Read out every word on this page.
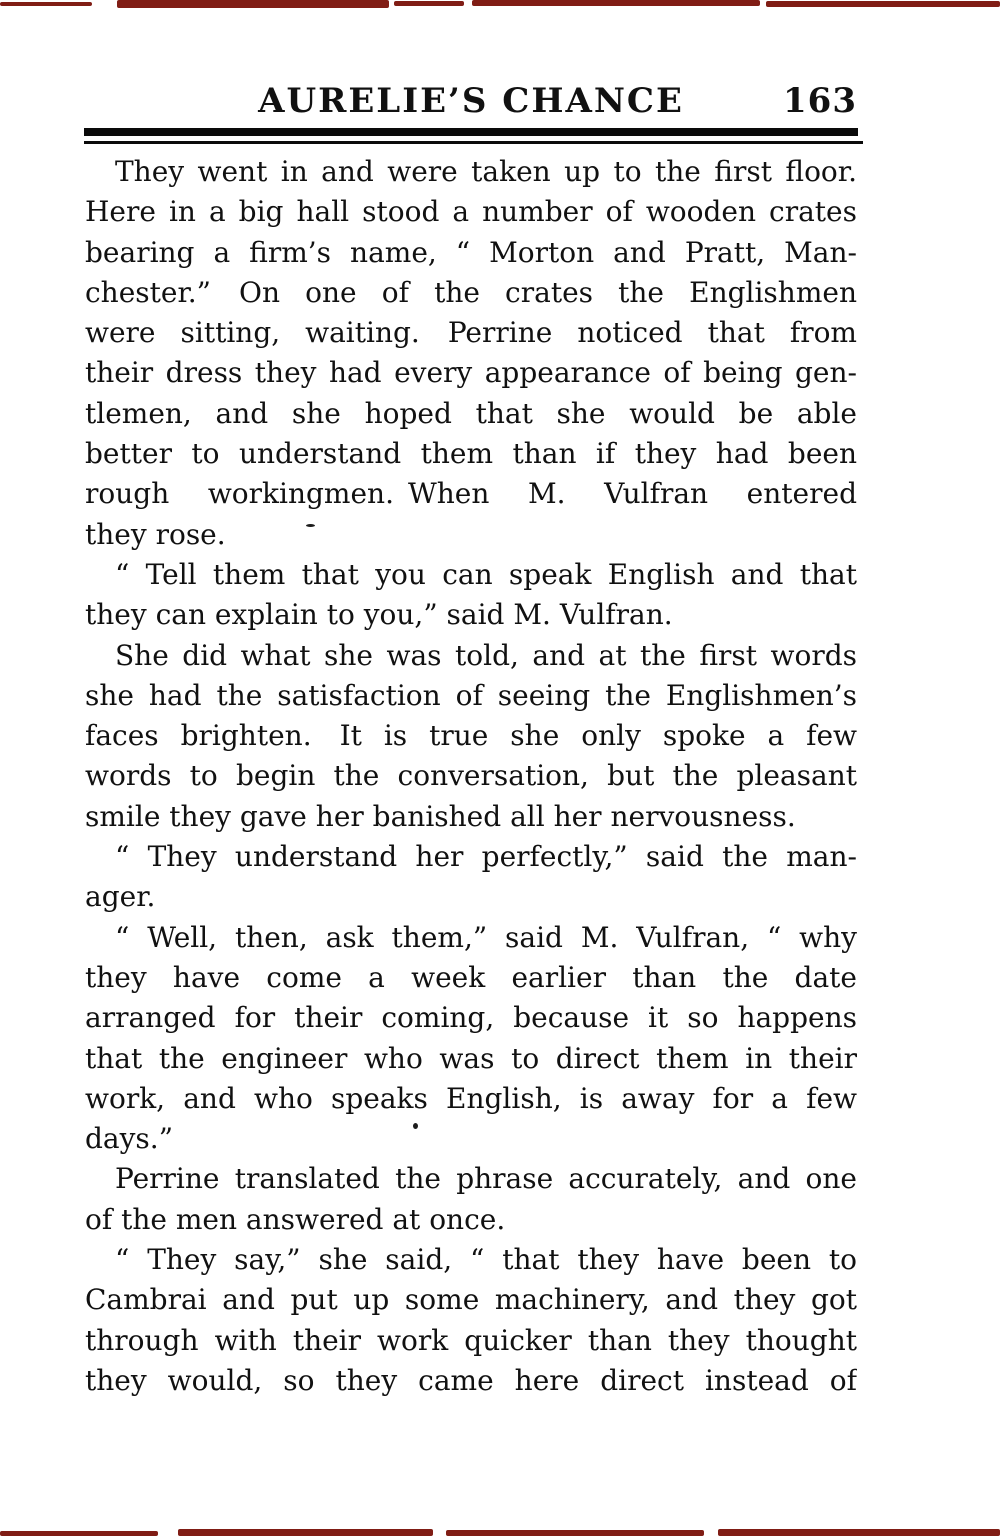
AURELIE’S CHANCE	163
They went in and were taken up to the first floor.
Here in a big hall stood a number of wooden crates
bearing a firm’s name, “ Morton and Pratt, Man-
chester.”  On one of the crates the Englishmen
were sitting, waiting.  Perrine noticed that from
their dress they had every appearance of being gen-
tlemen, and she hoped that she would be able
better to understand them than if they had been
rough workingmen. When M. Vulfran entered
they rose.
“ Tell them that you can speak English and that
they can explain to you,” said M. Vulfran.
She did what she was told, and at the first words
she had the satisfaction of seeing the Englishmen’s
faces brighten.  It is true she only spoke a few
words to begin the conversation, but the pleasant
smile they gave her banished all her nervousness.
“ They understand her perfectly,” said the man-
ager.
“ Well, then, ask them,” said M. Vulfran, “ why
they have come a week earlier than the date
arranged for their coming, because it so happens
that the engineer who was to direct them in their
work, and who speaks English, is away for a few
days.”
Perrine translated the phrase accurately, and one
of the men answered at once.
“ They say,” she said, “ that they have been to
Cambrai and put up some machinery, and they got
through with their work quicker than they thought
they would, so they came here direct instead of
